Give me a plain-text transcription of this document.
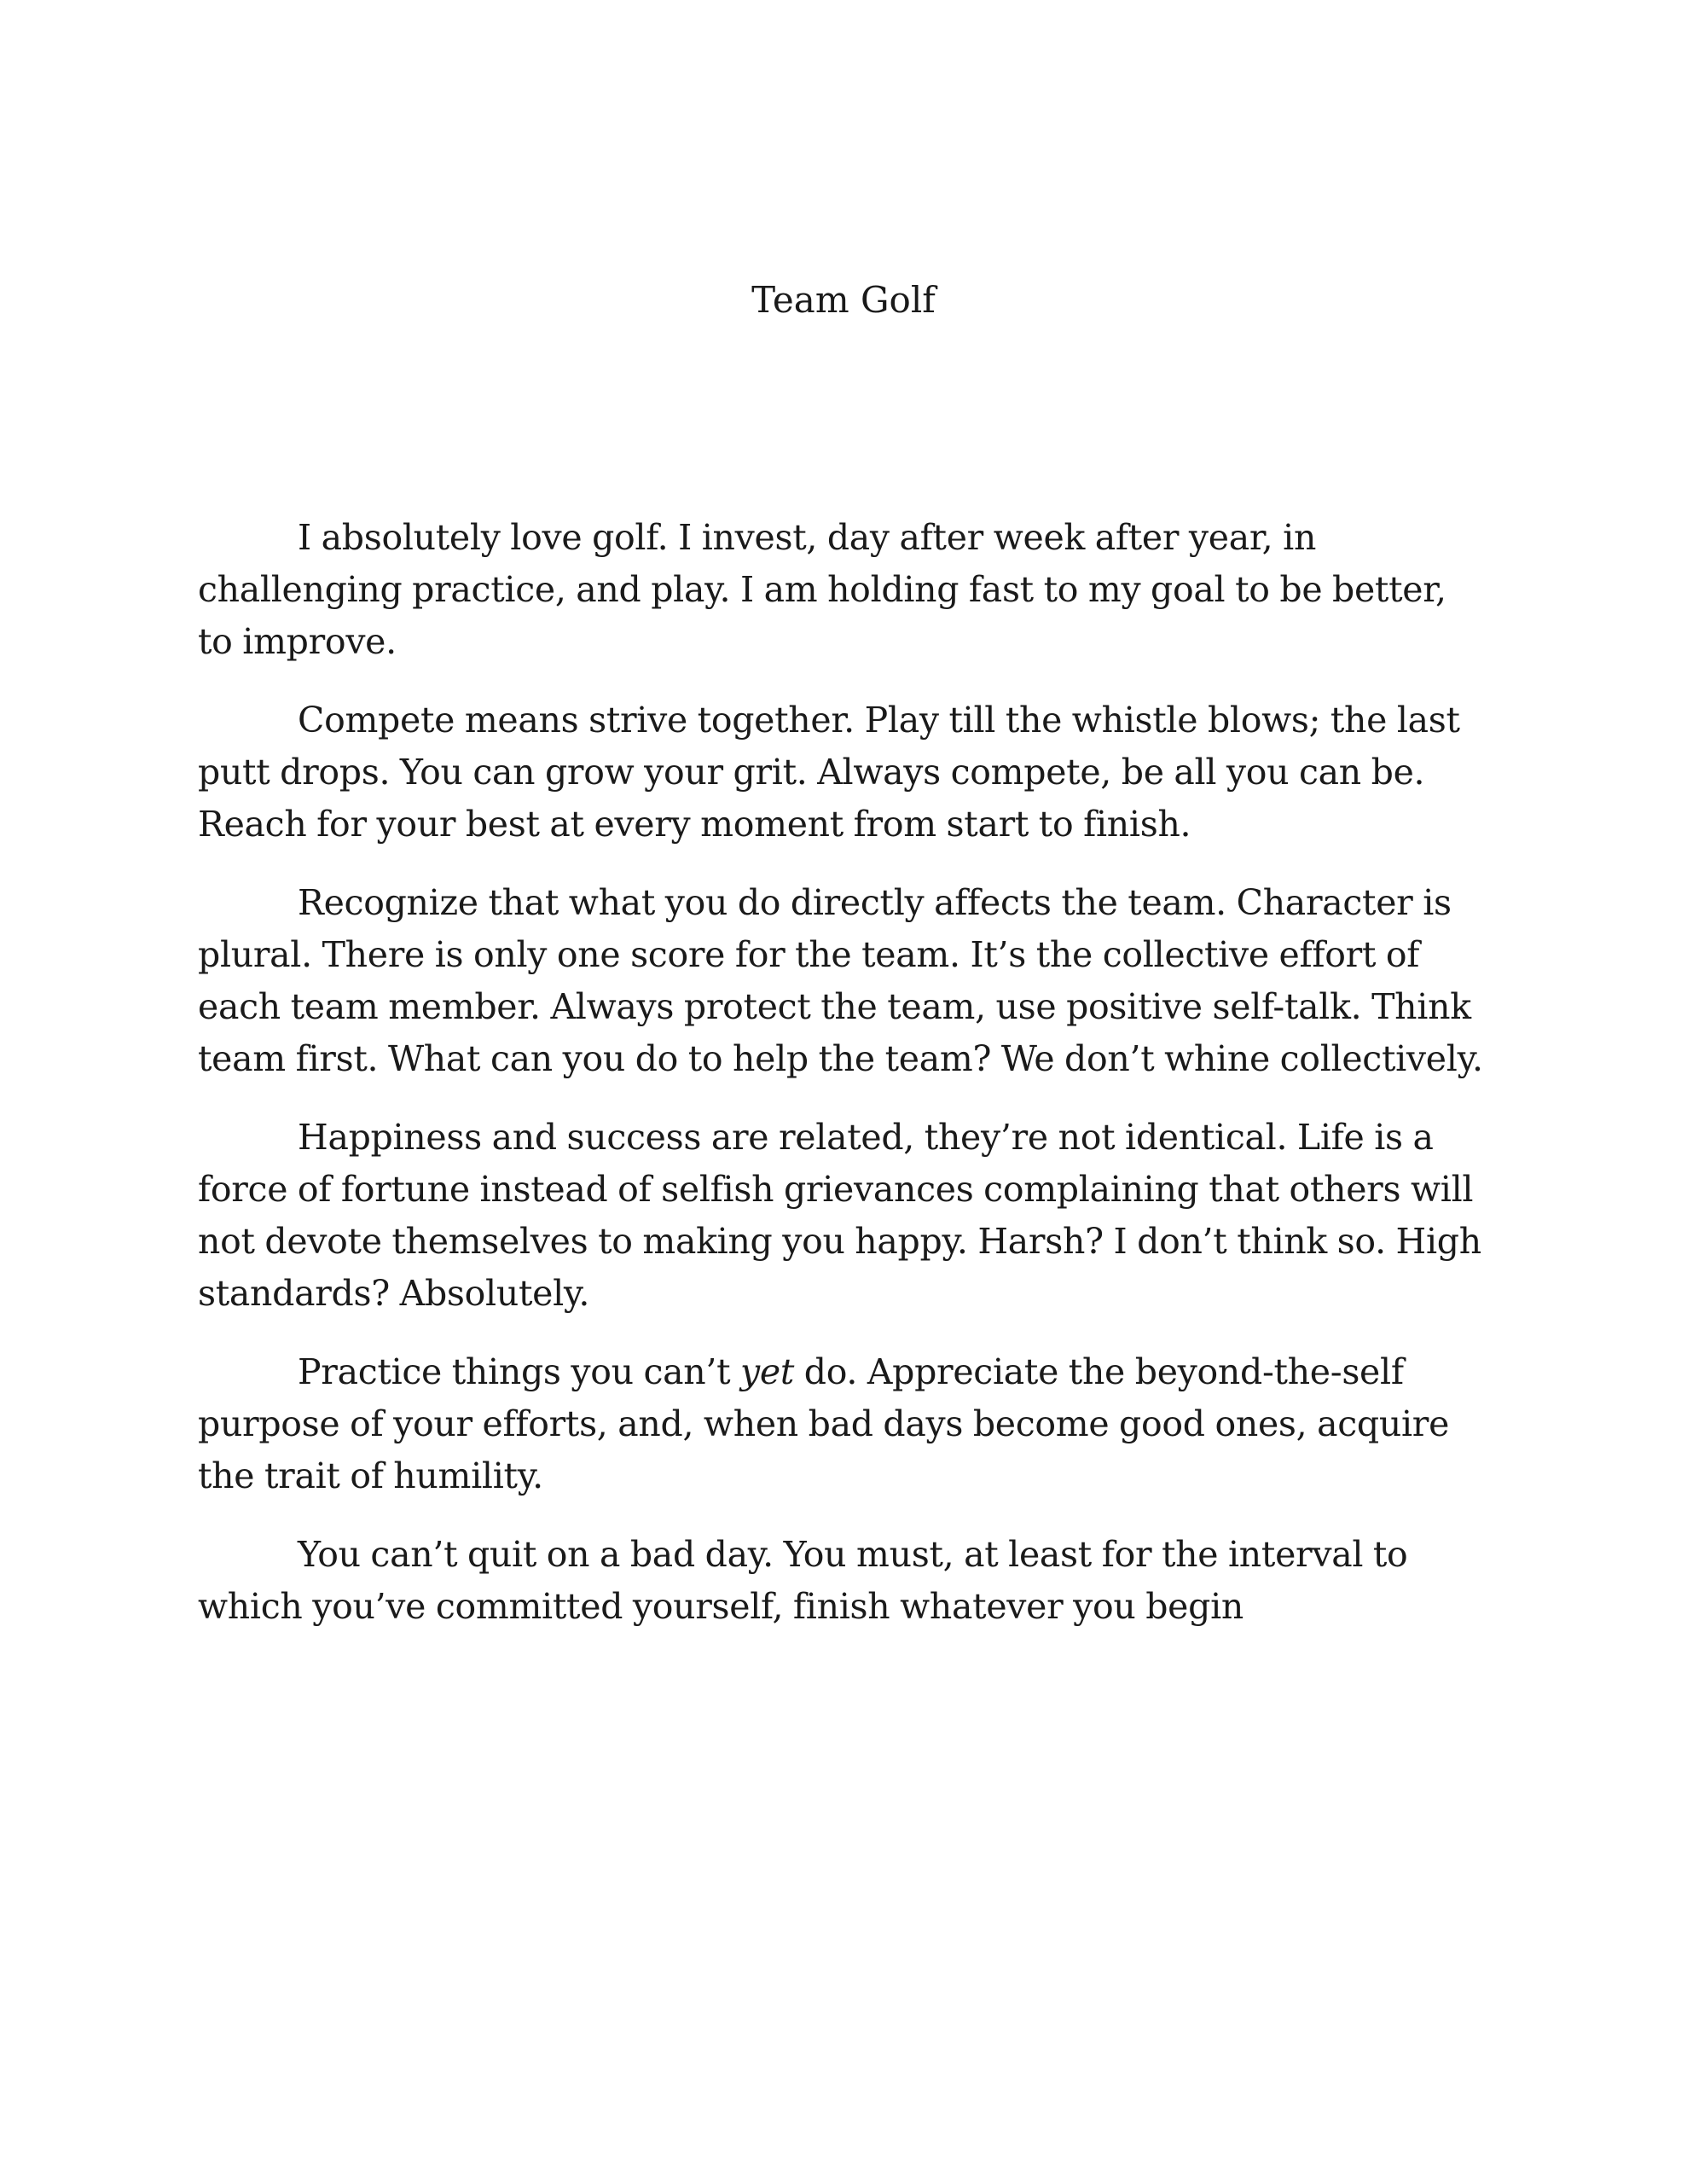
Team Golf

I absolutely love golf. I invest, day after week after year, in challenging practice, and play. I am holding fast to my goal to be better, to improve.

Compete means strive together. Play till the whistle blows; the last putt drops. You can grow your grit. Always compete, be all you can be. Reach for your best at every moment from start to finish.

Recognize that what you do directly affects the team. Character is plural. There is only one score for the team. It’s the collective effort of each team member. Always protect the team, use positive self-talk. Think team first. What can you do to help the team? We don’t whine collectively.

Happiness and success are related, they’re not identical. Life is a force of fortune instead of selfish grievances complaining that others will not devote themselves to making you happy. Harsh? I don’t think so. High standards? Absolutely.

Practice things you can’t yet do. Appreciate the beyond-the-self purpose of your efforts, and, when bad days become good ones, acquire the trait of humility.

You can’t quit on a bad day. You must, at least for the interval to which you’ve committed yourself, finish whatever you begin
